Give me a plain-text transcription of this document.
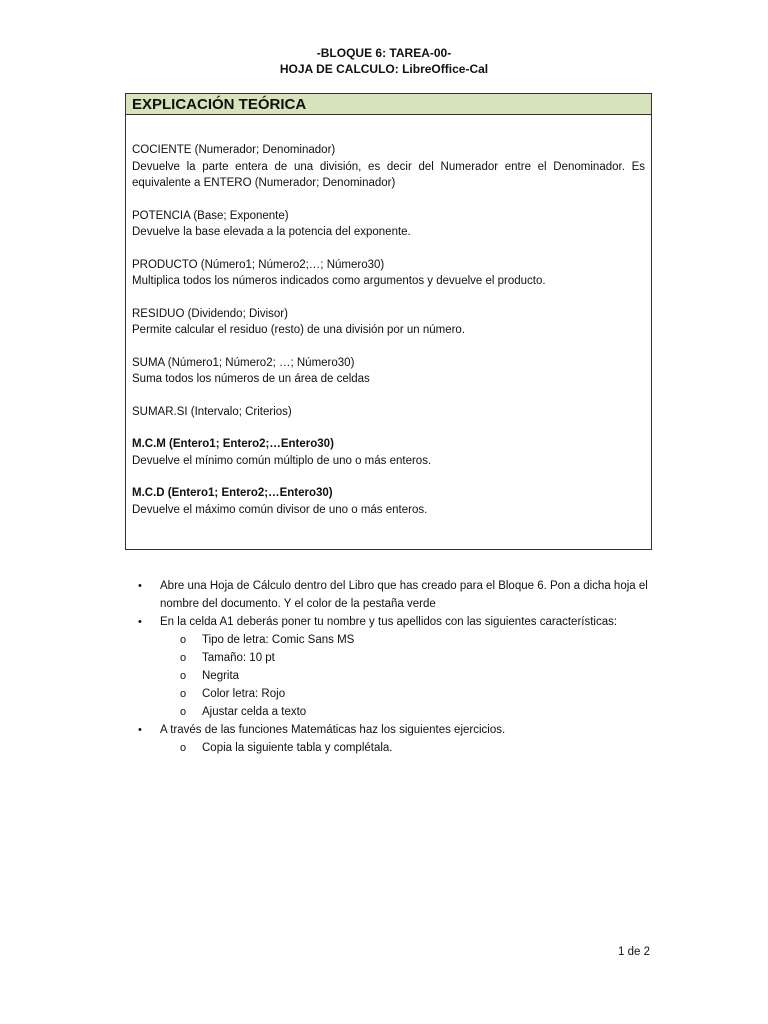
-BLOQUE 6: TAREA-00-
HOJA DE CALCULO: LibreOffice-Cal
EXPLICACIÓN TEÓRICA
COCIENTE (Numerador; Denominador)
Devuelve la parte entera de una división, es decir del Numerador entre el Denominador. Es equivalente a ENTERO (Numerador; Denominador)
POTENCIA (Base; Exponente)
Devuelve la base elevada a la potencia del exponente.
PRODUCTO (Número1; Número2;…; Número30)
Multiplica todos los números indicados como argumentos y devuelve el producto.
RESIDUO (Dividendo; Divisor)
Permite calcular el residuo (resto) de una división por un número.
SUMA (Número1; Número2; …; Número30)
Suma todos los números de un área de celdas
SUMAR.SI (Intervalo; Criterios)
M.C.M (Entero1; Entero2;…Entero30)
Devuelve el mínimo común múltiplo de uno o más enteros.
M.C.D (Entero1; Entero2;…Entero30)
Devuelve el máximo común divisor de uno o más enteros.
• Abre una Hoja de Cálculo dentro del Libro que has creado para el Bloque 6. Pon a dicha hoja el nombre del documento. Y el color de la pestaña verde
• En la celda A1 deberás poner tu nombre y tus apellidos con las siguientes características:
o Tipo de letra: Comic Sans MS
o Tamaño: 10 pt
o Negrita
o Color letra: Rojo
o Ajustar celda a texto
• A través de las funciones Matemáticas haz los siguientes ejercicios.
o Copia la siguiente tabla y complétala.
1 de 2
